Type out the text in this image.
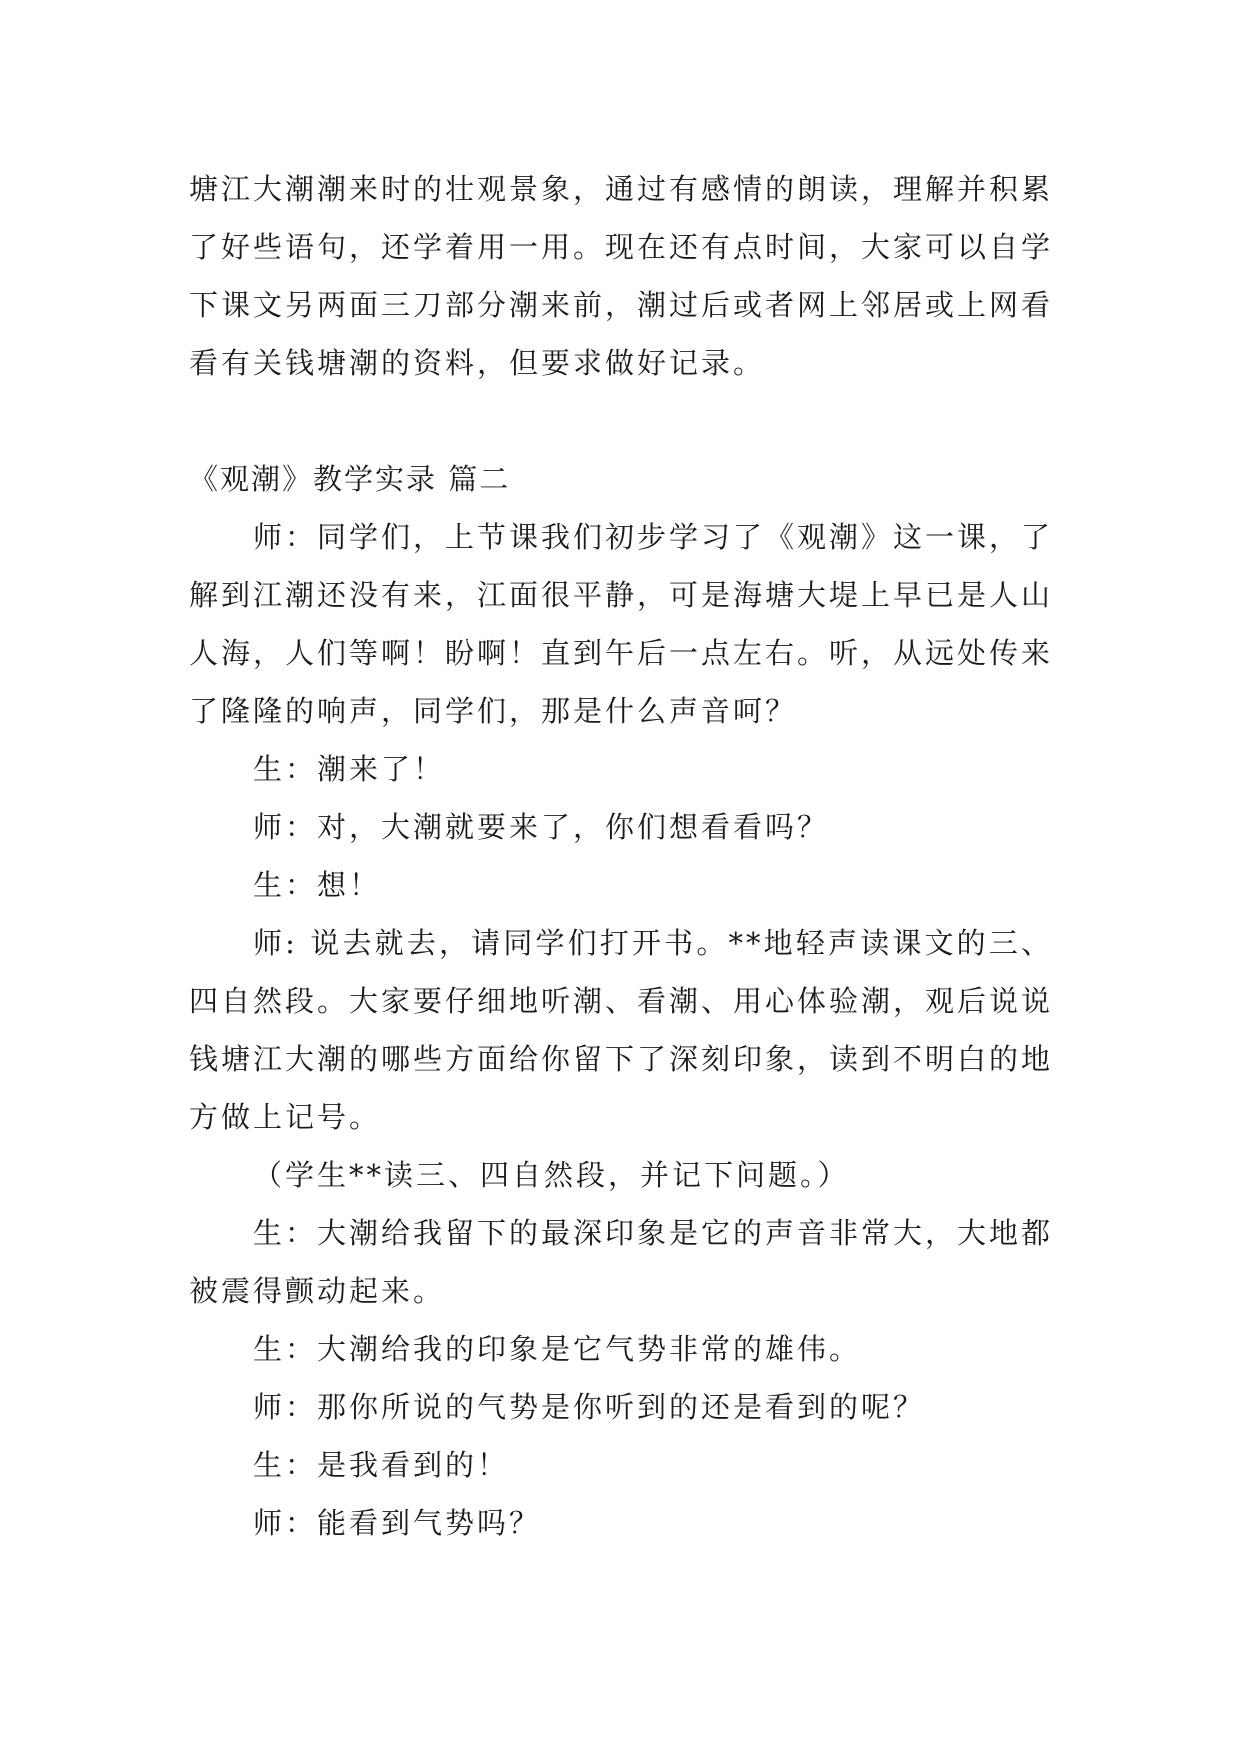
塘江大潮潮来时的壮观景象，通过有感情的朗读，理解并积累了好些语句，还学着用一用。现在还有点时间，大家可以自学下课文另两面三刀部分潮来前，潮过后或者网上邻居或上网看看有关钱塘潮的资料，但要求做好记录。

《观潮》教学实录 篇二

师：同学们，上节课我们初步学习了《观潮》这一课，了解到江潮还没有来，江面很平静，可是海塘大堤上早已是人山人海，人们等啊！盼啊！直到午后一点左右。听，从远处传来了隆隆的响声，同学们，那是什么声音呵？

生：潮来了！

师：对，大潮就要来了，你们想看看吗？

生：想！

师: 说去就去，请同学们打开书。**地轻声读课文的三、四自然段。大家要仔细地听潮、看潮、用心体验潮，观后说说钱塘江大潮的哪些方面给你留下了深刻印象，读到不明白的地方做上记号。

（学生**读三、四自然段，并记下问题。）

生：大潮给我留下的最深印象是它的声音非常大，大地都被震得颤动起来。

生：大潮给我的印象是它气势非常的雄伟。

师：那你所说的气势是你听到的还是看到的呢？

生：是我看到的！

师：能看到气势吗？
